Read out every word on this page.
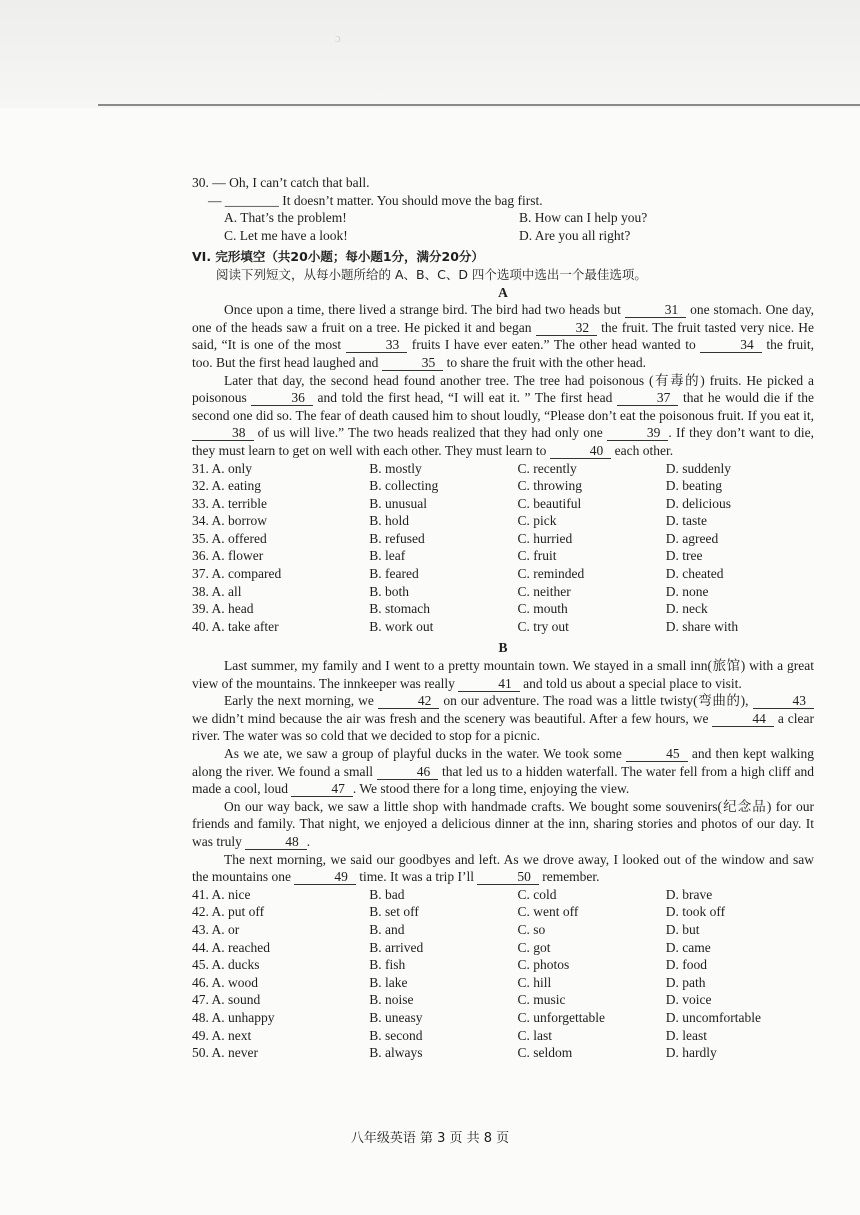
ɔ
30. — Oh, I can’t catch that ball.
— ________ It doesn’t matter. You should move the bag first.
A. That’s the problem!	B. How can I help you?
C. Let me have a look!	D. Are you all right?
VI. 完形填空（共20小题；每小题1分，满分20分）
阅读下列短文，从每小题所给的 A、B、C、D 四个选项中选出一个最佳选项。
A
Once upon a time, there lived a strange bird. The bird had two heads but	31 one stomach. One day, one of the heads saw a fruit on a tree. He picked it and began	32 the fruit. The fruit tasted very nice. He said, “It is one of the most	33 fruits I have ever eaten.” The other head wanted to	34 the fruit, too. But the first head laughed and	35 to share the fruit with the other head.
Later that day, the second head found another tree. The tree had poisonous (有毒的) fruits. He picked a poisonous	36 and told the first head, “I will eat it. ” The first head	37 that he would die if the second one did so. The fear of death caused him to shout loudly, “Please don’t eat the poisonous fruit. If you eat it, 38 of us will live.” The two heads realized that they had only one	39 . If they don’t want to die, they must learn to get on well with each other. They must learn to	40 each other.
31. A. only	B. mostly	C. recently	D. suddenly
32. A. eating	B. collecting	C. throwing	D. beating
33. A. terrible	B. unusual	C. beautiful	D. delicious
34. A. borrow	B. hold	C. pick	D. taste
35. A. offered	B. refused	C. hurried	D. agreed
36. A. flower	B. leaf	C. fruit	D. tree
37. A. compared	B. feared	C. reminded	D. cheated
38. A. all	B. both	C. neither	D. none
39. A. head	B. stomach	C. mouth	D. neck
40. A. take after	B. work out	C. try out	D. share with
B
Last summer, my family and I went to a pretty mountain town. We stayed in a small inn(旅馆) with a great view of the mountains. The innkeeper was really	41 and told us about a special place to visit.
Early the next morning, we	42 on our adventure. The road was a little twisty(弯曲的),	43 we didn’t mind because the air was fresh and the scenery was beautiful. After a few hours, we	44 a clear river. The water was so cold that we decided to stop for a picnic.
As we ate, we saw a group of playful ducks in the water. We took some	45 and then kept walking along the river. We found a small	46 that led us to a hidden waterfall. The water fell from a high cliff and made a cool, loud	47 . We stood there for a long time, enjoying the view.
On our way back, we saw a little shop with handmade crafts. We bought some souvenirs(纪念品) for our friends and family. That night, we enjoyed a delicious dinner at the inn, sharing stories and photos of our day. It was truly	48 .
The next morning, we said our goodbyes and left. As we drove away, I looked out of the window and saw the mountains one	49 time. It was a trip I’ll	50 remember.
41. A. nice	B. bad	C. cold	D. brave
42. A. put off	B. set off	C. went off	D. took off
43. A. or	B. and	C. so	D. but
44. A. reached	B. arrived	C. got	D. came
45. A. ducks	B. fish	C. photos	D. food
46. A. wood	B. lake	C. hill	D. path
47. A. sound	B. noise	C. music	D. voice
48. A. unhappy	B. uneasy	C. unforgettable	D. uncomfortable
49. A. next	B. second	C. last	D. least
50. A. never	B. always	C. seldom	D. hardly
八年级英语 第 3 页 共 8 页
